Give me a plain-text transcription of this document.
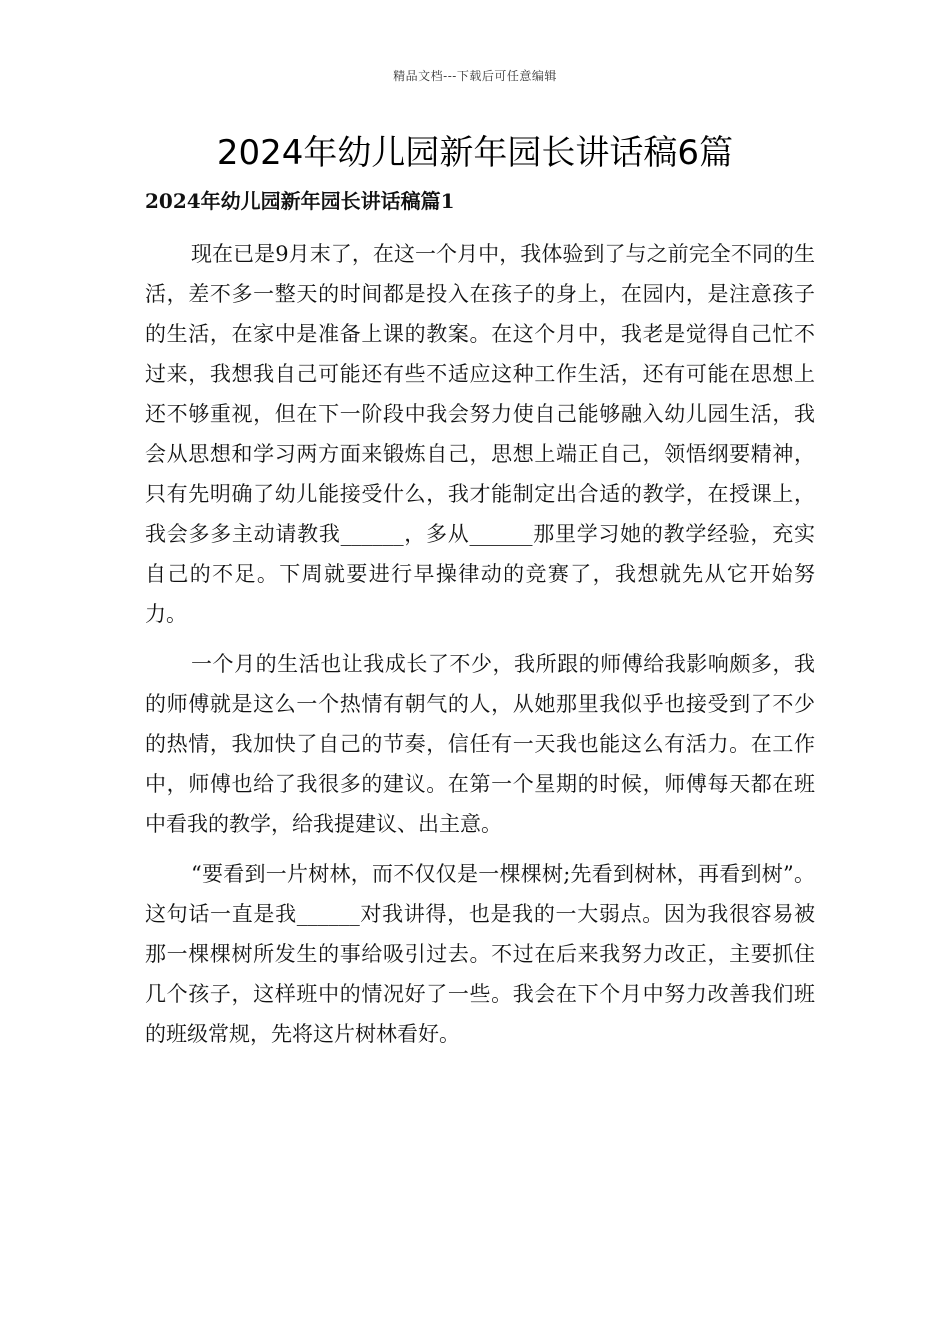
精品文档---下载后可任意编辑
2024年幼儿园新年园长讲话稿6篇
2024年幼儿园新年园长讲话稿篇1

现在已是9月末了，在这一个月中，我体验到了与之前完全不同的生活，差不多一整天的时间都是投入在孩子的身上，在园内，是注意孩子的生活，在家中是准备上课的教案。在这个月中，我老是觉得自己忙不过来，我想我自己可能还有些不适应这种工作生活，还有可能在思想上还不够重视，但在下一阶段中我会努力使自己能够融入幼儿园生活，我会从思想和学习两方面来锻炼自己，思想上端正自己，领悟纲要精神，只有先明确了幼儿能接受什么，我才能制定出合适的教学，在授课上，我会多多主动请教我______，多从______那里学习她的教学经验，充实自己的不足。下周就要进行早操律动的竞赛了，我想就先从它开始努力。

一个月的生活也让我成长了不少，我所跟的师傅给我影响颇多，我的师傅就是这么一个热情有朝气的人，从她那里我似乎也接受到了不少的热情，我加快了自己的节奏，信任有一天我也能这么有活力。在工作中，师傅也给了我很多的建议。在第一个星期的时候，师傅每天都在班中看我的教学，给我提建议、出主意。

“要看到一片树林，而不仅仅是一棵棵树;先看到树林，再看到树”。这句话一直是我______对我讲得，也是我的一大弱点。因为我很容易被那一棵棵树所发生的事给吸引过去。不过在后来我努力改正，主要抓住几个孩子，这样班中的情况好了一些。我会在下个月中努力改善我们班的班级常规，先将这片树林看好。
